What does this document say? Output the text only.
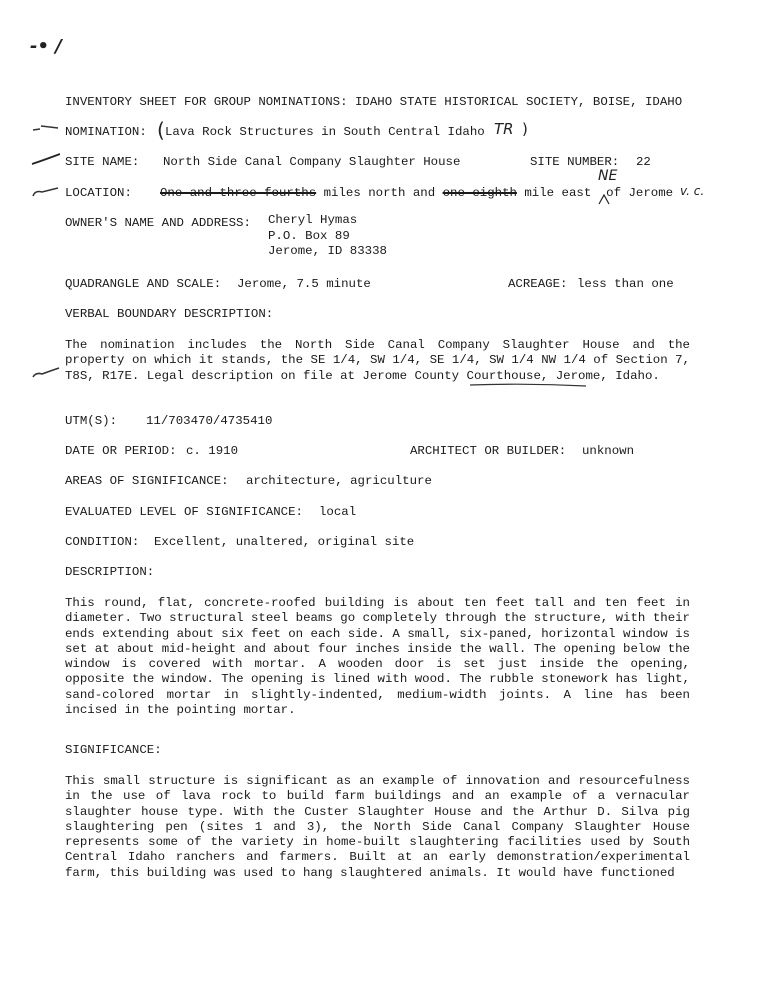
-• /
INVENTORY SHEET FOR GROUP NOMINATIONS: IDAHO STATE HISTORICAL SOCIETY, BOISE, IDAHO
NOMINATION: ( Lava Rock Structures in South Central Idaho TR )
SITE NAME: North Side Canal Company Slaughter House	SITE NUMBER: 22
LOCATION: One and three-fourths miles north and one-eighth mile east of Jerome
NE
v. c.
OWNER'S NAME AND ADDRESS: Cheryl Hymas
P.O. Box 89
Jerome, ID 83338
QUADRANGLE AND SCALE: Jerome, 7.5 minute	ACREAGE: less than one
VERBAL BOUNDARY DESCRIPTION:
The nomination includes the North Side Canal Company Slaughter House and the property on which it stands, the SE 1/4, SW 1/4, SE 1/4, SW 1/4 NW 1/4 of Section 7, T8S, R17E. Legal description on file at Jerome County Courthouse, Jerome, Idaho.
UTM(S): 11/703470/4735410
DATE OR PERIOD: c. 1910	ARCHITECT OR BUILDER: unknown
AREAS OF SIGNIFICANCE: architecture, agriculture
EVALUATED LEVEL OF SIGNIFICANCE: local
CONDITION: Excellent, unaltered, original site
DESCRIPTION:
This round, flat, concrete-roofed building is about ten feet tall and ten feet in diameter. Two structural steel beams go completely through the structure, with their ends extending about six feet on each side. A small, six-paned, horizontal window is set at about mid-height and about four inches inside the wall. The opening below the window is covered with mortar. A wooden door is set just inside the opening, opposite the window. The opening is lined with wood. The rubble stonework has light, sand-colored mortar in slightly-indented, medium-width joints. A line has been incised in the pointing mortar.
SIGNIFICANCE:
This small structure is significant as an example of innovation and resourcefulness in the use of lava rock to build farm buildings and an example of a vernacular slaughter house type. With the Custer Slaughter House and the Arthur D. Silva pig slaughtering pen (sites 1 and 3), the North Side Canal Company Slaughter House represents some of the variety in home-built slaughtering facilities used by South Central Idaho ranchers and farmers. Built at an early demonstration/experimental farm, this building was used to hang slaughtered animals. It would have functioned
